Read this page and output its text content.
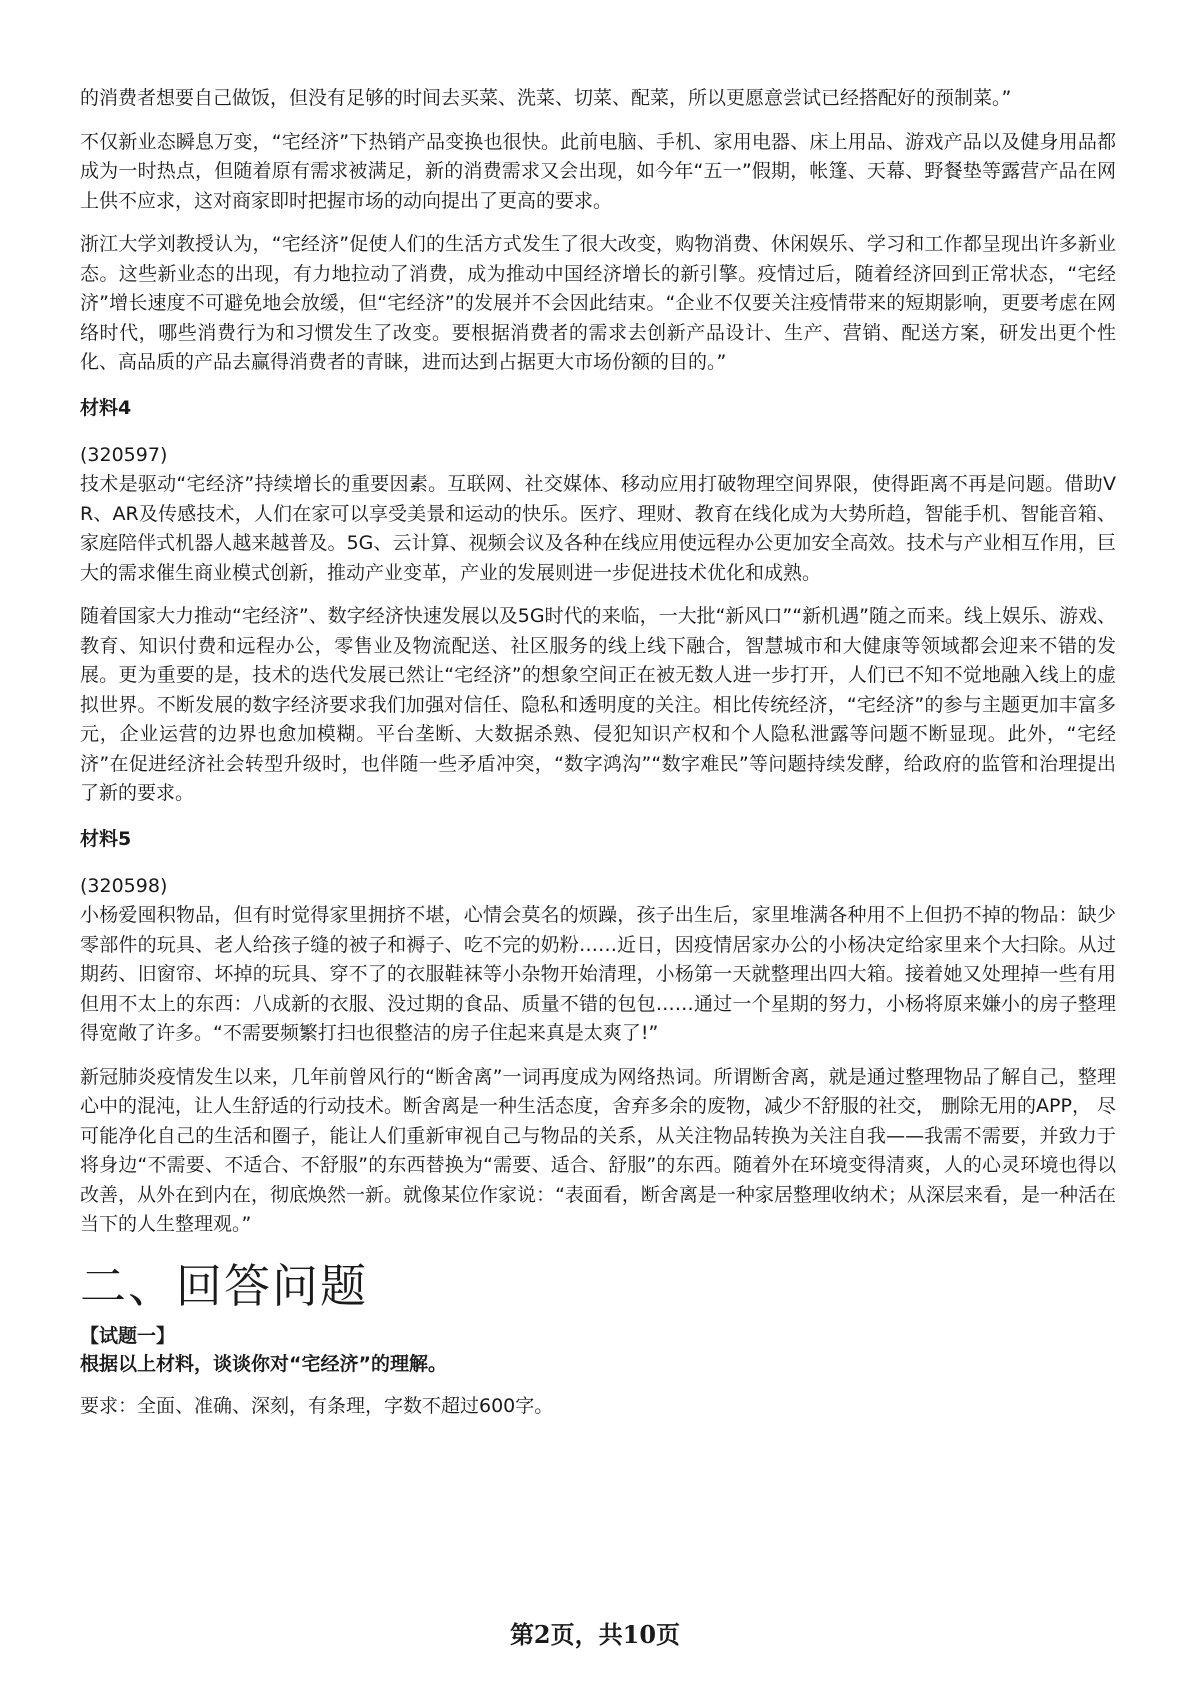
的消费者想要自己做饭，但没有足够的时间去买菜、洗菜、切菜、配菜，所以更愿意尝试已经搭配好的预制菜。”

不仅新业态瞬息万变，“宅经济”下热销产品变换也很快。此前电脑、手机、家用电器、床上用品、游戏产品以及健身用品都成为一时热点，但随着原有需求被满足，新的消费需求又会出现，如今年“五一”假期，帐篷、天幕、野餐垫等露营产品在网上供不应求，这对商家即时把握市场的动向提出了更高的要求。

浙江大学刘教授认为，“宅经济”促使人们的生活方式发生了很大改变，购物消费、休闲娱乐、学习和工作都呈现出许多新业态。这些新业态的出现，有力地拉动了消费，成为推动中国经济增长的新引擎。疫情过后，随着经济回到正常状态，“宅经济”增长速度不可避免地会放缓，但“宅经济”的发展并不会因此结束。“企业不仅要关注疫情带来的短期影响，更要考虑在网络时代，哪些消费行为和习惯发生了改变。要根据消费者的需求去创新产品设计、生产、营销、配送方案，研发出更个性化、高品质的产品去赢得消费者的青睐，进而达到占据更大市场份额的目的。”

材料4

(320597)

技术是驱动“宅经济”持续增长的重要因素。互联网、社交媒体、移动应用打破物理空间界限，使得距离不再是问题。借助VR、AR及传感技术，人们在家可以享受美景和运动的快乐。医疗、理财、教育在线化成为大势所趋，智能手机、智能音箱、家庭陪伴式机器人越来越普及。5G、云计算、视频会议及各种在线应用使远程办公更加安全高效。技术与产业相互作用，巨大的需求催生商业模式创新，推动产业变革，产业的发展则进一步促进技术优化和成熟。

随着国家大力推动“宅经济”、数字经济快速发展以及5G时代的来临，一大批“新风口”“新机遇”随之而来。线上娱乐、游戏、教育、知识付费和远程办公，零售业及物流配送、社区服务的线上线下融合，智慧城市和大健康等领域都会迎来不错的发展。更为重要的是，技术的迭代发展已然让“宅经济”的想象空间正在被无数人进一步打开，人们已不知不觉地融入线上的虚拟世界。不断发展的数字经济要求我们加强对信任、隐私和透明度的关注。相比传统经济，“宅经济”的参与主题更加丰富多元，企业运营的边界也愈加模糊。平台垄断、大数据杀熟、侵犯知识产权和个人隐私泄露等问题不断显现。此外，“宅经济”在促进经济社会转型升级时，也伴随一些矛盾冲突，“数字鸿沟”“数字难民”等问题持续发酵，给政府的监管和治理提出了新的要求。

材料5

(320598)

小杨爱囤积物品，但有时觉得家里拥挤不堪，心情会莫名的烦躁，孩子出生后，家里堆满各种用不上但扔不掉的物品：缺少零部件的玩具、老人给孩子缝的被子和褥子、吃不完的奶粉……近日，因疫情居家办公的小杨决定给家里来个大扫除。从过期药、旧窗帘、坏掉的玩具、穿不了的衣服鞋袜等小杂物开始清理，小杨第一天就整理出四大箱。接着她又处理掉一些有用但用不太上的东西：八成新的衣服、没过期的食品、质量不错的包包……通过一个星期的努力，小杨将原来嫌小的房子整理得宽敞了许多。“不需要频繁打扫也很整洁的房子住起来真是太爽了!”

新冠肺炎疫情发生以来，几年前曾风行的“断舍离”一词再度成为网络热词。所谓断舍离，就是通过整理物品了解自己，整理心中的混沌，让人生舒适的行动技术。断舍离是一种生活态度，舍弃多余的废物，减少不舒服的社交， 删除无用的APP， 尽可能净化自己的生活和圈子，能让人们重新审视自己与物品的关系，从关注物品转换为关注自我——我需不需要，并致力于将身边“不需要、不适合、不舒服”的东西替换为“需要、适合、舒服”的东西。随着外在环境变得清爽，人的心灵环境也得以改善，从外在到内在，彻底焕然一新。就像某位作家说：“表面看，断舍离是一种家居整理收纳术；从深层来看，是一种活在当下的人生整理观。”

二、回答问题

【试题一】

根据以上材料，谈谈你对“宅经济”的理解。

要求：全面、准确、深刻，有条理，字数不超过600字。

第2页，共10页
